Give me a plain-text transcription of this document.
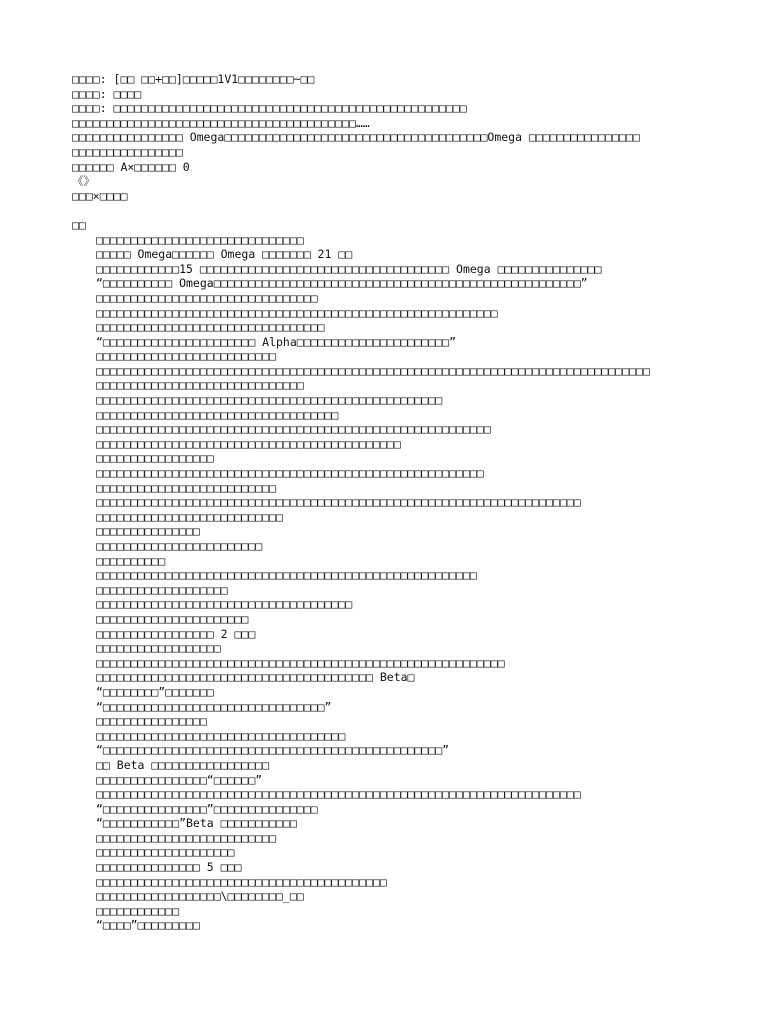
□□□□: [□□ □□+□□]□□□□□1V1□□□□□□□□~□□
□□□□: □□□□
□□□□: □□□□□□□□□□□□□□□□□□□□□□□□□□□□□□□□□□□□□□□□□□□□□□□□□□□
□□□□□□□□□□□□□□□□□□□□□□□□□□□□□□□□□□□□□□□□□……
□□□□□□□□□□□□□□□□ Omega□□□□□□□□□□□□□□□□□□□□□□□□□□□□□□□□□□□□□□Omega □□□□□□□□□□□□□□□□
□□□□□□□□□□□□□□□□
□□□□□□ A×□□□□□□ 0
《》
□□□×□□□□
□□
□□□□□□□□□□□□□□□□□□□□□□□□□□□□□□
□□□□□ Omega□□□□□□ Omega □□□□□□□ 21 □□
□□□□□□□□□□□□15 □□□□□□□□□□□□□□□□□□□□□□□□□□□□□□□□□□□□ Omega □□□□□□□□□□□□□□□
“□□□□□□□□□□ Omega□□□□□□□□□□□□□□□□□□□□□□□□□□□□□□□□□□□□□□□□□□□□□□□□□□□□□”
□□□□□□□□□□□□□□□□□□□□□□□□□□□□□□□□
□□□□□□□□□□□□□□□□□□□□□□□□□□□□□□□□□□□□□□□□□□□□□□□□□□□□□□□□□□
□□□□□□□□□□□□□□□□□□□□□□□□□□□□□□□□□
“□□□□□□□□□□□□□□□□□□□□□□ Alpha□□□□□□□□□□□□□□□□□□□□□□”
□□□□□□□□□□□□□□□□□□□□□□□□□□
□□□□□□□□□□□□□□□□□□□□□□□□□□□□□□□□□□□□□□□□□□□□□□□□□□□□□□□□□□□□□□□□□□□□□□□□□□□□□□□□
□□□□□□□□□□□□□□□□□□□□□□□□□□□□□□
□□□□□□□□□□□□□□□□□□□□□□□□□□□□□□□□□□□□□□□□□□□□□□□□□□
□□□□□□□□□□□□□□□□□□□□□□□□□□□□□□□□□□□
□□□□□□□□□□□□□□□□□□□□□□□□□□□□□□□□□□□□□□□□□□□□□□□□□□□□□□□□□
□□□□□□□□□□□□□□□□□□□□□□□□□□□□□□□□□□□□□□□□□□□□
□□□□□□□□□□□□□□□□□
□□□□□□□□□□□□□□□□□□□□□□□□□□□□□□□□□□□□□□□□□□□□□□□□□□□□□□□□
□□□□□□□□□□□□□□□□□□□□□□□□□□
□□□□□□□□□□□□□□□□□□□□□□□□□□□□□□□□□□□□□□□□□□□□□□□□□□□□□□□□□□□□□□□□□□□□□□
□□□□□□□□□□□□□□□□□□□□□□□□□□□
□□□□□□□□□□□□□□□
□□□□□□□□□□□□□□□□□□□□□□□□
□□□□□□□□□□
□□□□□□□□□□□□□□□□□□□□□□□□□□□□□□□□□□□□□□□□□□□□□□□□□□□□□□□
□□□□□□□□□□□□□□□□□□□
□□□□□□□□□□□□□□□□□□□□□□□□□□□□□□□□□□□□□
□□□□□□□□□□□□□□□□□□□□□□
□□□□□□□□□□□□□□□□□ 2 □□□
□□□□□□□□□□□□□□□□□□
□□□□□□□□□□□□□□□□□□□□□□□□□□□□□□□□□□□□□□□□□□□□□□□□□□□□□□□□□□□
□□□□□□□□□□□□□□□□□□□□□□□□□□□□□□□□□□□□□□□□ Beta□
“□□□□□□□□”□□□□□□□
“□□□□□□□□□□□□□□□□□□□□□□□□□□□□□□□□”
□□□□□□□□□□□□□□□□
□□□□□□□□□□□□□□□□□□□□□□□□□□□□□□□□□□□□
“□□□□□□□□□□□□□□□□□□□□□□□□□□□□□□□□□□□□□□□□□□□□□□□□□”
□□ Beta □□□□□□□□□□□□□□□□□
□□□□□□□□□□□□□□□□“□□□□□□”
□□□□□□□□□□□□□□□□□□□□□□□□□□□□□□□□□□□□□□□□□□□□□□□□□□□□□□□□□□□□□□□□□□□□□□
“□□□□□□□□□□□□□□□”□□□□□□□□□□□□□□□
“□□□□□□□□□□□”Beta □□□□□□□□□□□
□□□□□□□□□□□□□□□□□□□□□□□□□□
□□□□□□□□□□□□□□□□□□□□
□□□□□□□□□□□□□□□ 5 □□□
□□□□□□□□□□□□□□□□□□□□□□□□□□□□□□□□□□□□□□□□□□
□□□□□□□□□□□□□□□□□□\□□□□□□□□_□□
□□□□□□□□□□□□
“□□□□”□□□□□□□□□
